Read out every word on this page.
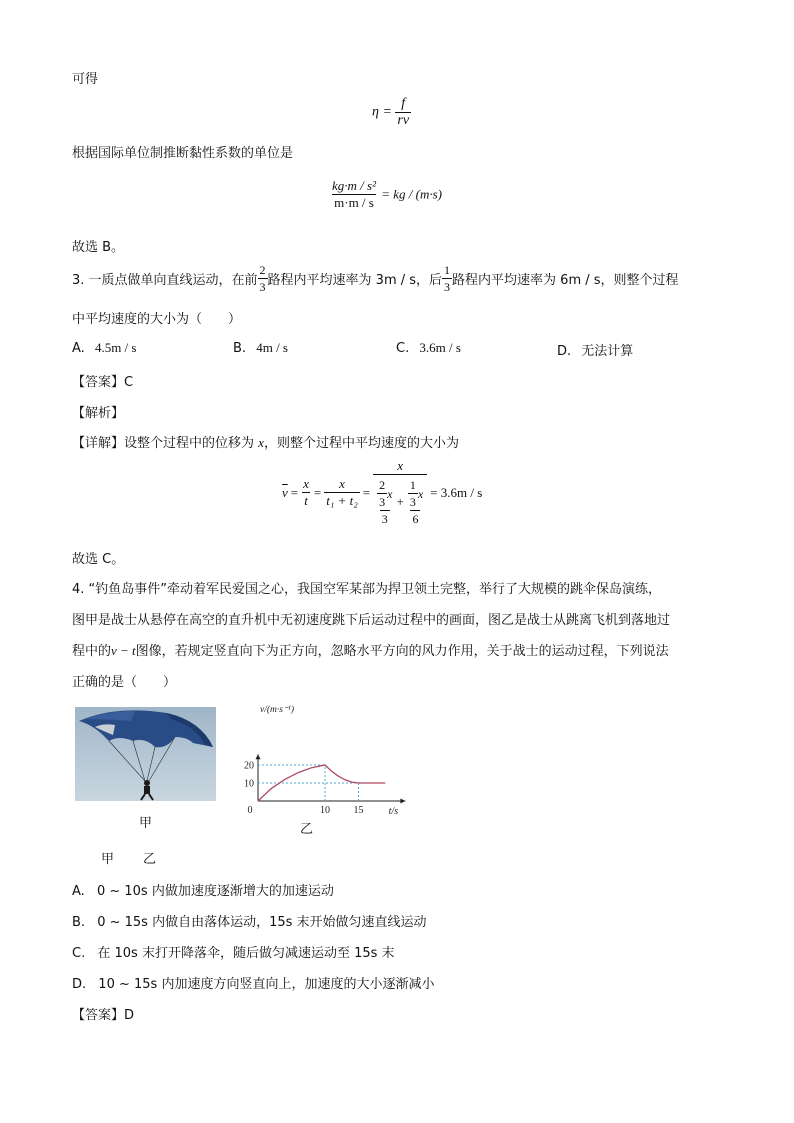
可得
$\eta = \frac{f}{rv}$
根据国际单位制推断黏性系数的单位是
$\frac{\text{kg·m / s²}}{m\cdot m / s}$ = kg / (m·s)
故选 B。
3. 一质点做单向直线运动，在前 $\frac{2}{3}$ 路程内平均速率为 3m / s，后 $\frac{1}{3}$ 路程内平均速率为 6m / s，则整个过程
中平均速度的大小为（　　）
A. 4.5m / s	B. 4m / s	C. 3.6m / s	D. 无法计算
【答案】C
【解析】
【详解】设整个过程中的位移为 x，则整个过程中平均速度的大小为
$\overline{v} = \frac{x}{t} = \frac{x}{\text{t₁ + t₂}}$ =
x
$\frac{\frac{2}{3} x}{3} + \frac{\frac{1}{3} x}{6} = 3.6m / s$
故选 C。
4. “钓鱼岛事件”牵动着军民爱国之心，我国空军某部为捍卫领土完整，举行了大规模的跳伞保岛演练，
图甲是战士从悬停在高空的直升机中无初速度跳下后运动过程中的画面，图乙是战士从跳离飞机到落地过
程中的v − t图像，若规定竖直向下为正方向，忽略水平方向的风力作用，关于战士的运动过程，下列说法
正确的是（　　）
甲
0	10 15
10
20
v/(m·s⁻¹)
t/s
乙
甲 乙
A. 0 ~ 10s 内做加速度逐渐增大的加速运动
B. 0 ~ 15s 内做自由落体运动，15s 末开始做匀速直线运动
C. 在 10s 末打开降落伞，随后做匀减速运动至 15s 末
D. 10 ~ 15s 内加速度方向竖直向上，加速度的大小逐渐减小
【答案】D
